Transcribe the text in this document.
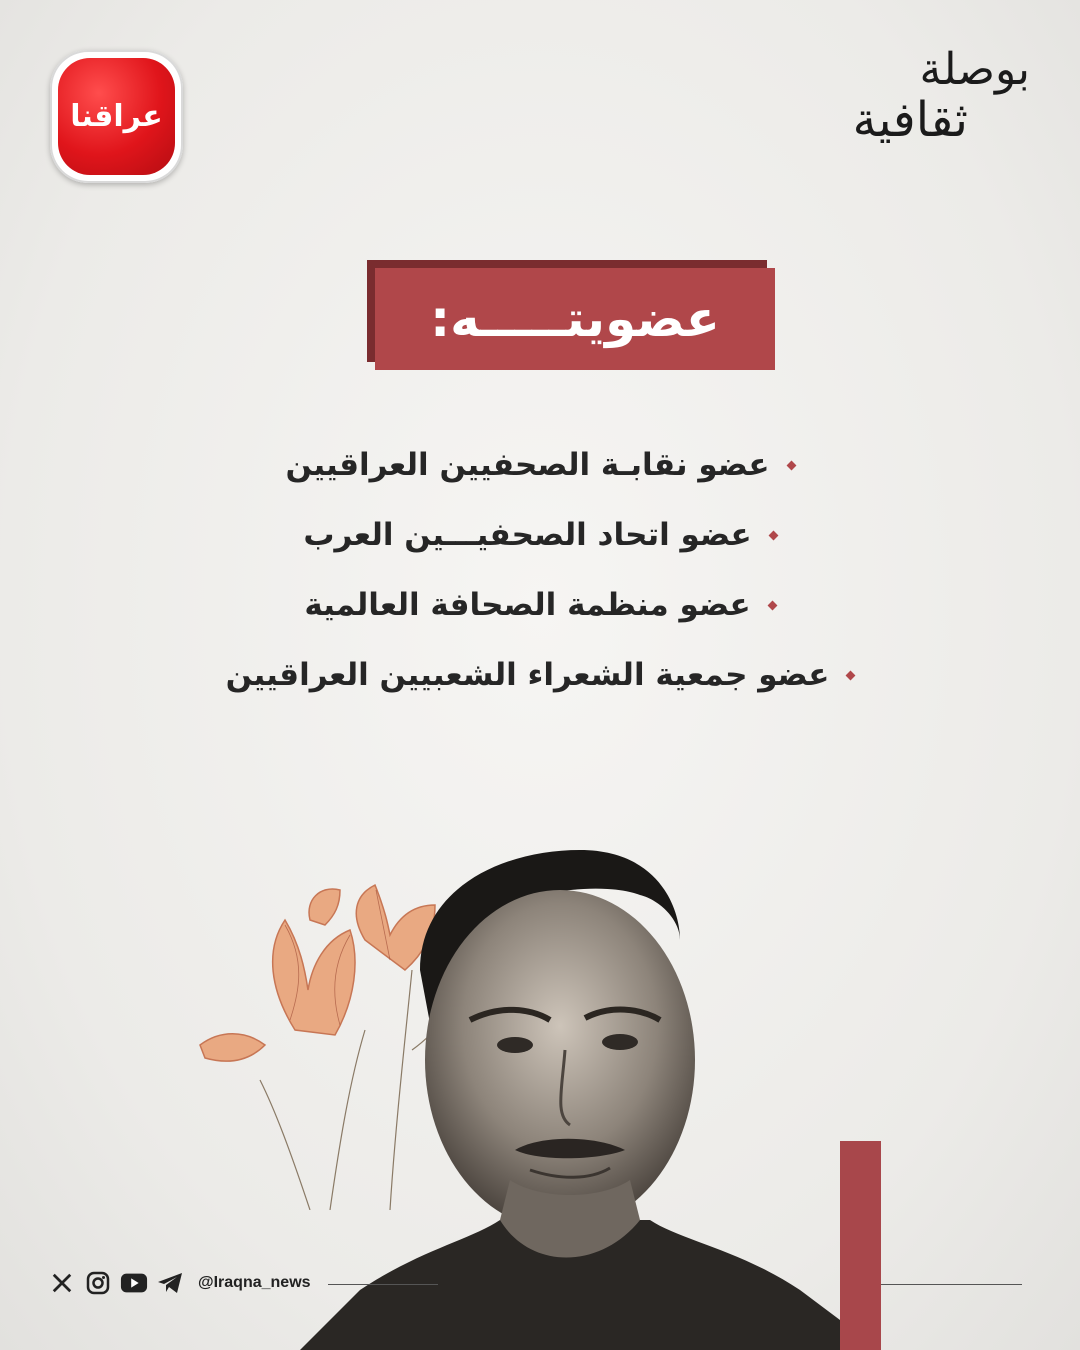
عراقنا
بوصلة
ثقافية
عضويتـــــه:
عضو نقابـة الصحفيين العراقيين
عضو اتحاد الصحفيـــين العرب
عضو منظمة الصحافة العالمية
عضو جمعية الشعراء الشعبيين العراقيين
@Iraqna_news
